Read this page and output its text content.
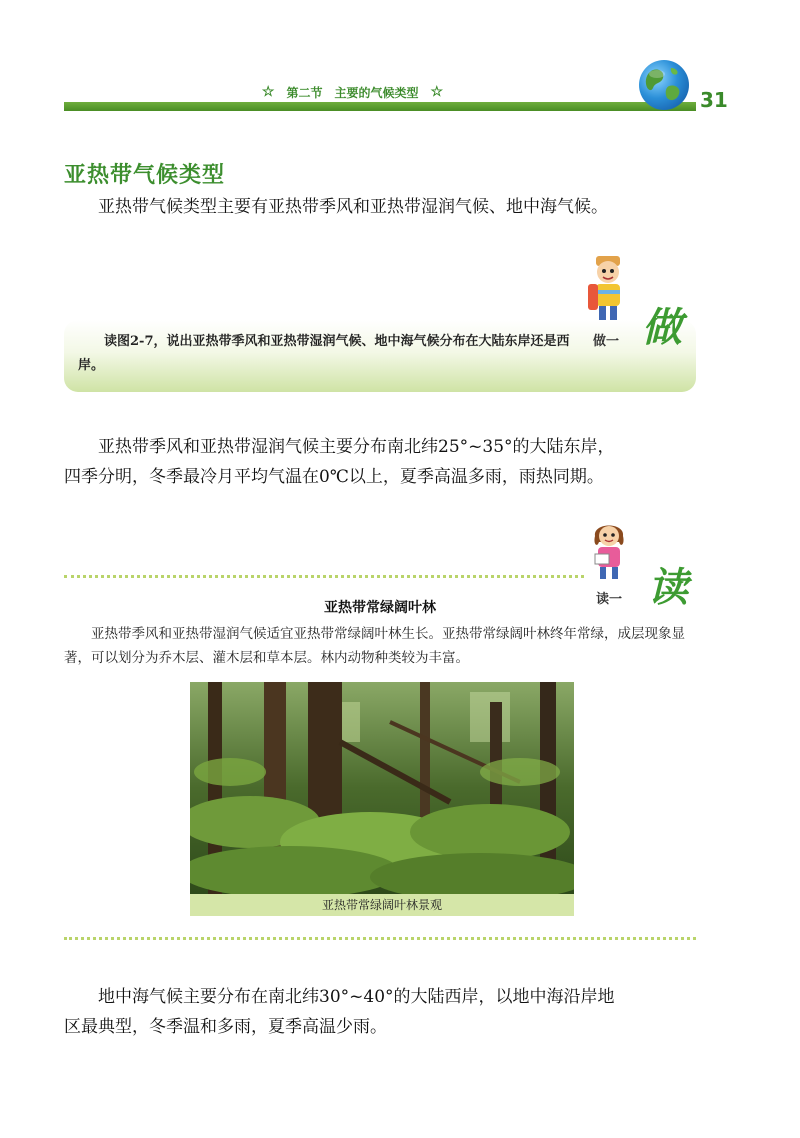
☆ 第二节　主要的气候类型 ☆	31
亚热带气候类型

亚热带气候类型主要有亚热带季风和亚热带湿润气候、地中海气候。

读图2-7，说出亚热带季风和亚热带湿润气候、地中海气候分布在大陆东岸还是西岸。

做一 做

亚热带季风和亚热带湿润气候主要分布南北纬25°~35°的大陆东岸，四季分明，冬季最冷月平均气温在0℃以上，夏季高温多雨，雨热同期。

读一 读
亚热带常绿阔叶林

亚热带季风和亚热带湿润气候适宜亚热带常绿阔叶林生长。亚热带常绿阔叶林终年常绿，成层现象显著，可以划分为乔木层、灌木层和草本层。林内动物种类较为丰富。

亚热带常绿阔叶林景观

地中海气候主要分布在南北纬30°~40°的大陆西岸，以地中海沿岸地区最典型，冬季温和多雨，夏季高温少雨。
